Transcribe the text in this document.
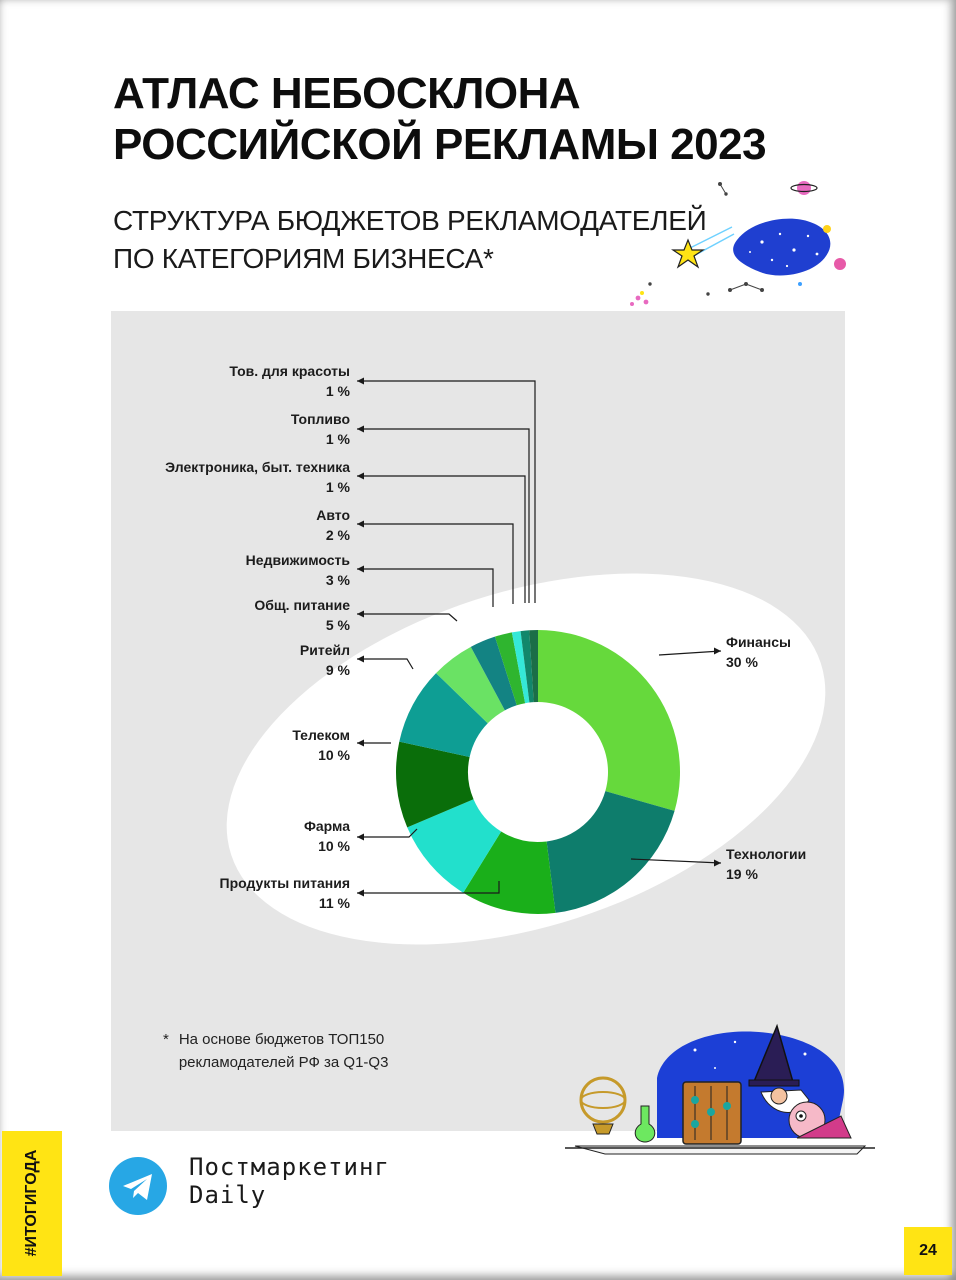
АТЛАС НЕБОСКЛОНА
РОССИЙСКОЙ РЕКЛАМЫ 2023
СТРУКТУРА БЮДЖЕТОВ РЕКЛАМОДАТЕЛЕЙ
ПО КАТЕГОРИЯМ БИЗНЕСА*
Финансы
30 %
Технологии
19 %
Продукты питания
11 %
Фарма
10 %
Телеком
10 %
Ритейл
9 %
Общ. питание
5 %
Недвижимость
3 %
Авто
2 %
Электроника, быт. техника
1 %
Топливо
1 %
Тов. для красоты
1 %
* На основе бюджетов ТОП150
рекламодателей РФ за Q1-Q3

Постмаркетинг
Daily

#ИТОГИГОДА	24
